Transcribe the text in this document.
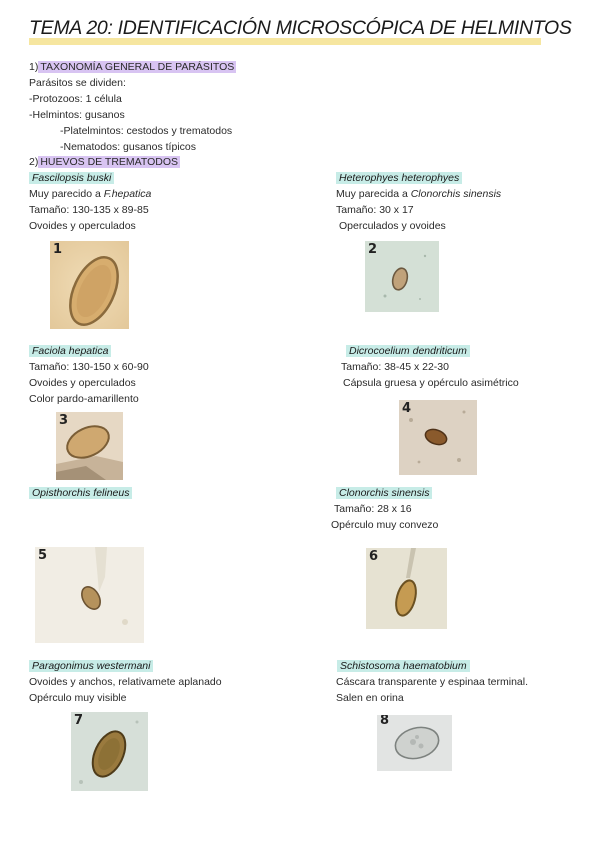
TEMA 20: IDENTIFICACIÓN MICROSCÓPICA DE HELMINTOS
1) TAXONOMÍA GENERAL DE PARÁSITOS
Parásitos se dividen:
-Protozoos: 1 célula
-Helmintos: gusanos
-Platelmintos: cestodos y trematodos
-Nematodos: gusanos típicos
2) HUEVOS DE TREMATODOS
Fascilopsis buski
Muy parecido a F.hepatica
Tamaño: 130-135 x 89-85
Ovoides y operculados
Heterophyes heterophyes
Muy parecida a Clonorchis sinensis
Tamaño: 30 x 17
Operculados y ovoides
1	2
Faciola hepatica
Tamaño: 130-150 x 60-90
Ovoides y operculados
Color pardo-amarillento
Dicrocoelium dendriticum
Tamaño: 38-45 x 22-30
Cápsula gruesa y opérculo asimétrico
3
4
Opisthorchis felineus	Clonorchis sinensis
Tamaño: 28 x 16
Opérculo muy convezo
5	6
Paragonimus westermani
Ovoides y anchos, relativamete aplanado
Opérculo muy visible
Schistosoma haematobium
Cáscara transparente y espinaa terminal.
Salen en orina
7	8
